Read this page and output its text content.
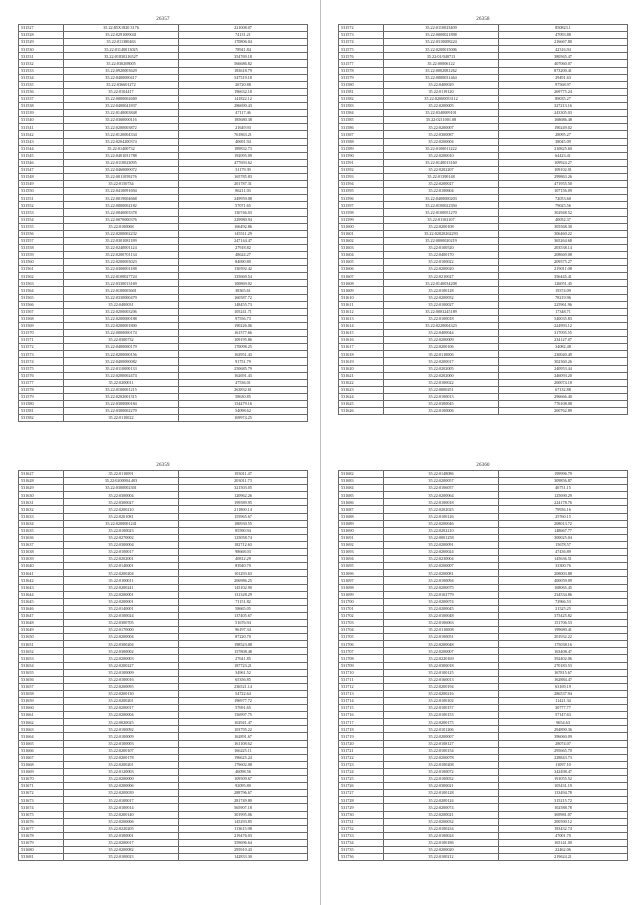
26357
531527	35.22:85X1820 3176	221008.07
531528	35.22:0291009041	74131.21
531529	35.22:011380463	170806.04
531530	35.22:01140013025	78941.84
531531	35.22:01830216527	354769.18
531532	35.22:030208005	566686.82
531533	35.22:0920003629	183618.79
531534	35.22:0400000417	547519.18
531535	35.22:036601272	26720.88
531536	35.22:0104417	196632.18
531537	35.22:0000002669	141822.12
531538	35.22:0400041837	286690.43
531539	35.22:0140003848	47117.46
531540	35.22:0360000116	185680.38
531541	35.22:0200003872	21649.93
531542	35.22:0120004334	761863.21
531543	35.22:0204200374	40691.94
531544	35.22:01400732	189832.73
531545	35.22:0401031788	192095.09
531546	35.22:0110023095	477693.62
531547	35.22:0460000072	31179.39
531548	35.22:0011059276	165785.83
531549	35.22:0150734	201787.31
531550	35.22:0410091694	86211.03
531551	35.22:0019004668	249959.08
531552	35.22:0000002182	57071.65
531553	35.22:0040003378	130746.03
531554	35.22:0070000376	229980.94
531555	35.22:0100068	166492.86
531556	35.22:0200002232	145511.29
531557	35.22:0301081189	247144.47
531558	35.22:0240001124	27918.82
531559	35.22:0200701134	48624.27
531560	35.22:0200003023	84690.80
531561	35.22:0300001188	130592.42
531562	35.22:0100027724	135669.54
531563	35.22:0330013169	100869.02
531564	35.22:0100003601	38365.61
531565	35.22:0330000479	160587.72
531566	35.22:0400031	148455.73
531567	35.22:0200003206	105241.71
531568	35.22:0200000188	97556.73
531569	35.22:0200001800	190226.06
531570	35.22:0000000174	161577.66
531571	35.22:0300732	109195.86
531572	35.22:0400000179	170098.25
531573	35.22:0200000156	163951.43
531574	35.22:0400000082	91751.79
531575	35.22:0110000133	250685.79
531576	35.22:0200002474	162691.43
531577	35.22:0200011	47536.01
531578	35.22:0100001215	263832.61
531579	35.22:0202001315	58630.85
531580	35.22:0300000184	154479.16
531581	35.22:0300002279	54098.62
531582	35.22:0110022	169974.25
26358
531572	35.22:0110023409	850823.1
531573	35.22:0000021898	47093.88
531574	35.22:0310008224	216667.80
531575	35.22:0200015006	42316.94
531576	35.22:01/040713	380565.47
531577	35.22:00006122	407060.07
531578	35.22:0002081262	873200.41
531579	35.22:0000031464	29491.63
531580	35.22:0400029	97568.97
531581	35.22:0119120	269775.24
531582	35.22:02060053112	89035.27
531583	35.22:0200005	327213.16
531584	35.22:0340009101	243305.03
531585	35.22:0211001.08	168686.48
531586	35.22:0200007	190249.02
531587	35.22:0300087	28095.27
531588	35.22:0200004	38045.09
531589	35.22:0100011222	210825.60
531590	35.22:0200010	64423.41
531591	35.22:0140013160	109924.27
531592	35.22:0202207	109102.01
531593	35.22:01390148	299863.26
531594	35.22:0200027	471955.50
531595	35.22:0100604	107156.09
531596	35.22:0400000203	72053.60
531597	35.22:0100022394	79025.56
531598	35.22:0100051270	302948.52
531599	35.22:01102107	40052.37
531600	35.22:0200108	305568.30
531601	35.22:02020262293	306460.22
531602	35.22:0000020219	365264.68
531603	35.22:0100520	203538.14
531604	35.22:0400170	208669.08
531605	35.22:0100022	209575.27
531606	35.22:0200020	219011.08
531607	35.22:0210027	356445.41
531608	35.22:0140034208	126051.45
531609	35.22:0100128	19374.09
531610	35.22:0200052	78219.96
531611	35.22:0100027	225961.96
531612	35.22:0003245189	17348.71
531613	35.22:0100018	540035.83
531614	35.22:0220004323	224993.12
531615	35.22:0400044	317095.55
531616	35.22:0200009	234127.07
531617	35.22:0200106	34082.48
531618	35.22:0110006	230040.49
531619	35.22:0200017	302360.26
531620	35.22:0202005	240953.44
531621	35.22:0202000	246093.20
531622	35.22:0100022	200074.18
531623	35.22:0000251	67132.88
531624	35.22:0100013	296666.40
531625	35.22:0300045	776108.08
531626	35.22:0100006	200762.89
26359
531627	35.22:0110091	193011.47
531628	35.22:0200004.403	203011.73
531629	35.22:0300002301	321503.05
531630	35.22:0300004	120962.26
531631	35.22:0300027	199589.95
531632	35.22:0200210	211800.14
531633	35.22:0201081	155965.67
531634	35.22:0200001241	180930.55
531635	35.22:0100023	85590.94
531636	35.22:0270002	125058.74
531637	35.22:0300004	182712.63
531638	35.22:0100017	98668.03
531639	35.22:0202001	40812.29
531640	35.22:0140001	83940.70
531641	35.22:0200204	101293.63
531642	35.22:0100011	206986.25
531643	35.22:0200241	145102.90
531644	35.22:0200001	131328.29
531645	35.22:0200001	71151.82
531646	35.22:0140001	58665.05
531647	35.22:0100024	137405.67
531648	35.22:0300705	51676.94
531649	35.22:0170000	96197.34
531650	35.22:0200004	87220.70
531651	35.22:0300204	198523.08
531652	35.22:0300002	157808.48
531653	35.22:0200003	27641.85
531654	35.22:0200227	187723.21
531655	35.22:0100009	34961.52
531656	35.22:0100016	65356.85
531657	35.22:0200095	236521.14
531658	35.22:0200130	54722.64
531659	35.22:0200201	196977.72
531660	35.22:0200017	57691.65
531661	35.22:0200004	156997.75
531662	35.22:0020025	102941.47
531663	35.22:0100092	103795.22
531664	35.22:0100009	162891.67
531665	35.22:0100003	161108.62
531666	35.22:0200107	166225.11
531667	35.22:0200178	196625.24
531668	35.22:0200201	179602.08
531669	35.22:0120003	46098.56
531670	35.22:0200000	109509.67
531671	35.22:0200006	92095.80
531672	35.22:0200039	288796.67
531673	35.22:0100017	281749.80
531674	35.22:0100014	565907.18
531675	35.22:0200140	301995.06
531676	35.22:0200006	145293.85
531677	35.22:0220205	113615.98
531678	35.22:0300001	219476.03
531679	35.22:0200017	359696.64
531680	35.22:0200082	295910.43
531681	35.22:0100023	142833.30
26360
531682	35.22:0148086	199996.79
531683	35.22:0200057	309856.87
531684	35.22:0106057	46751.15
531685	35.22:0200064	125690.29
531686	35.22:0100018	224178.76
531687	35.22:0202025	79936.16
531688	35.22:0100126	25760.15
531689	35.22:0200046	208013.72
531690	35.22:0202210	148667.77
531691	35.22:0001258	300025.04
531692	35.22:0200091	15678.57
531693	35.22:0200024	47436.89
531694	35.22:0230004	145636.51
531695	35.22:0200007	33300.76
531696	35.22:0200081	208003.88
531697	35.22:0100094	400059.09
531698	35.22:0200075	168065.45
531699	35.22:0102779	234534.86
531700	35.22:0200074	72966.53
531701	35.22:0200045	21525.25
531702	35.22:0100048	375425.82
531703	35.22:0106063	151706.53
531704	35.22:0110008	199680.41
531705	35.22:0100051	201932.22
531706	35.22:0200048	175038.16
531707	35.22:0200007	163408.47
531708	35.22:0220169	392402.06
531709	35.22:0300018	270183.53
531710	35.22:0100125	167815.67
531711	35.22:0160013	162884.47
531712	35.22:0200194	63169.19
531713	35.22:0200216	286537.94
531714	35.22:0100102	11421.34
531715	35.22:0100157	30777.77
531716	35.22:0100153	57147.63
531717	35.22:0200175	9654.63
531718	35.22:0101206	294890.36
531719	35.22:0200007	396060.09
531720	35.22:0108127	28074.07
531721	35.22:0100154	295665.70
531722	35.22:0200078	228843.73
531723	35.22:0100208	11097.10
531724	35.22:0100072	342498.47
531725	35.22:0100052	191055.52
531726	35.22:0300021	105431.19
531727	35.22:0100128	133494.78
531728	35.22:0200124	315215.72
531729	35.22:0200074	102588.78
531730	35.22:0200021	369981.07
531731	35.22:0200032	200590.12
531732	35.22:0100234	183432.74
531733	35.22:0100024	47001.70
531734	35.22:0100186	165141.00
531735	35.22:0200020	22462.06
531736	35.22:0100212	219624.21
